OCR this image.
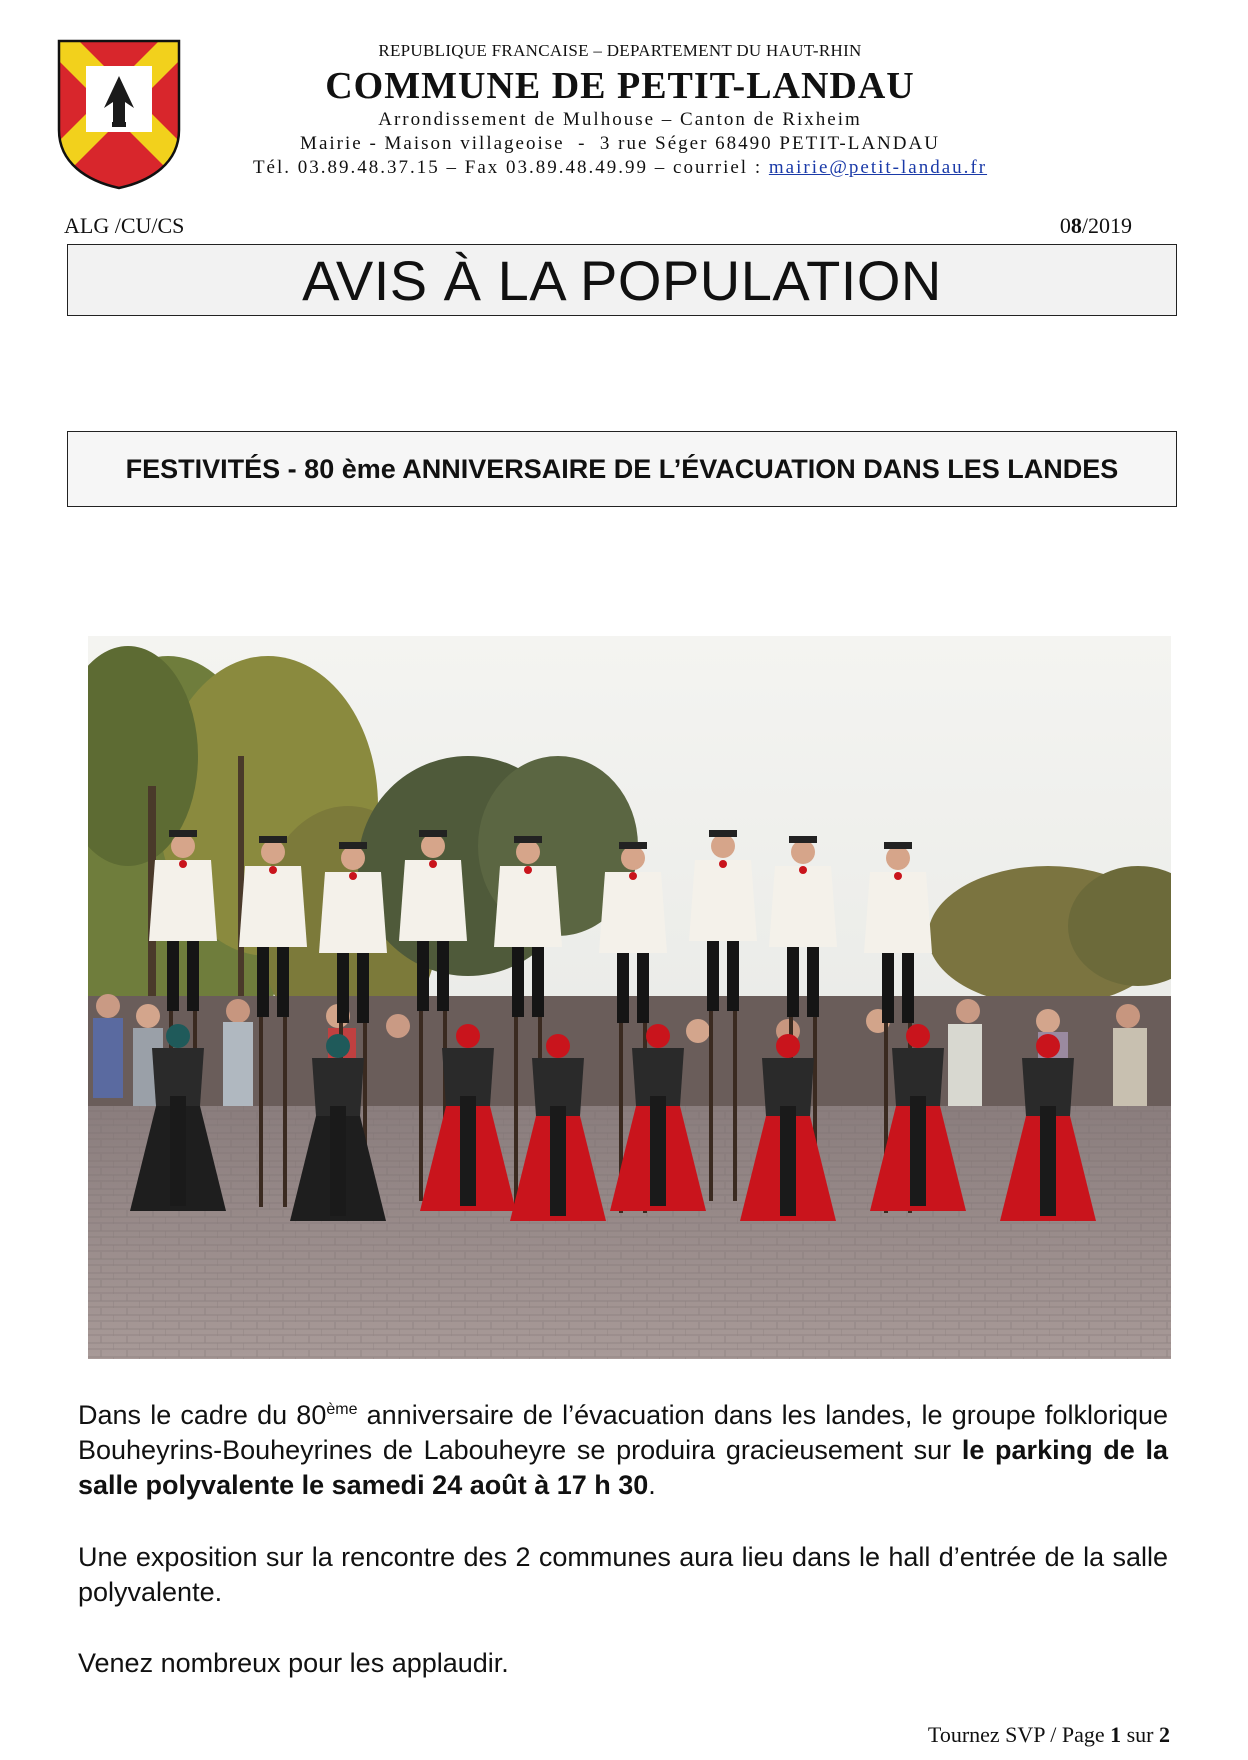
REPUBLIQUE FRANCAISE – DEPARTEMENT DU HAUT-RHIN
COMMUNE DE PETIT-LANDAU
Arrondissement de Mulhouse – Canton de Rixheim
Mairie - Maison villageoise  -  3 rue Séger 68490 PETIT-LANDAU
Tél. 03.89.48.37.15 – Fax 03.89.48.49.99 – courriel : mairie@petit-landau.fr
ALG /CU/CS	08/2019
AVIS À LA POPULATION
FESTIVITÉS - 80 ème ANNIVERSAIRE DE L’ÉVACUATION DANS LES LANDES
Dans le cadre du 80ème anniversaire de l’évacuation dans les landes, le groupe folklorique Bouheyrins-Bouheyrines de Labouheyre se produira gracieusement sur le parking de la salle polyvalente le samedi 24 août à 17 h 30.
Une exposition sur la rencontre des 2 communes aura lieu dans le hall d’entrée de la salle polyvalente.
Venez nombreux pour les applaudir.
Tournez SVP / Page 1 sur 2
